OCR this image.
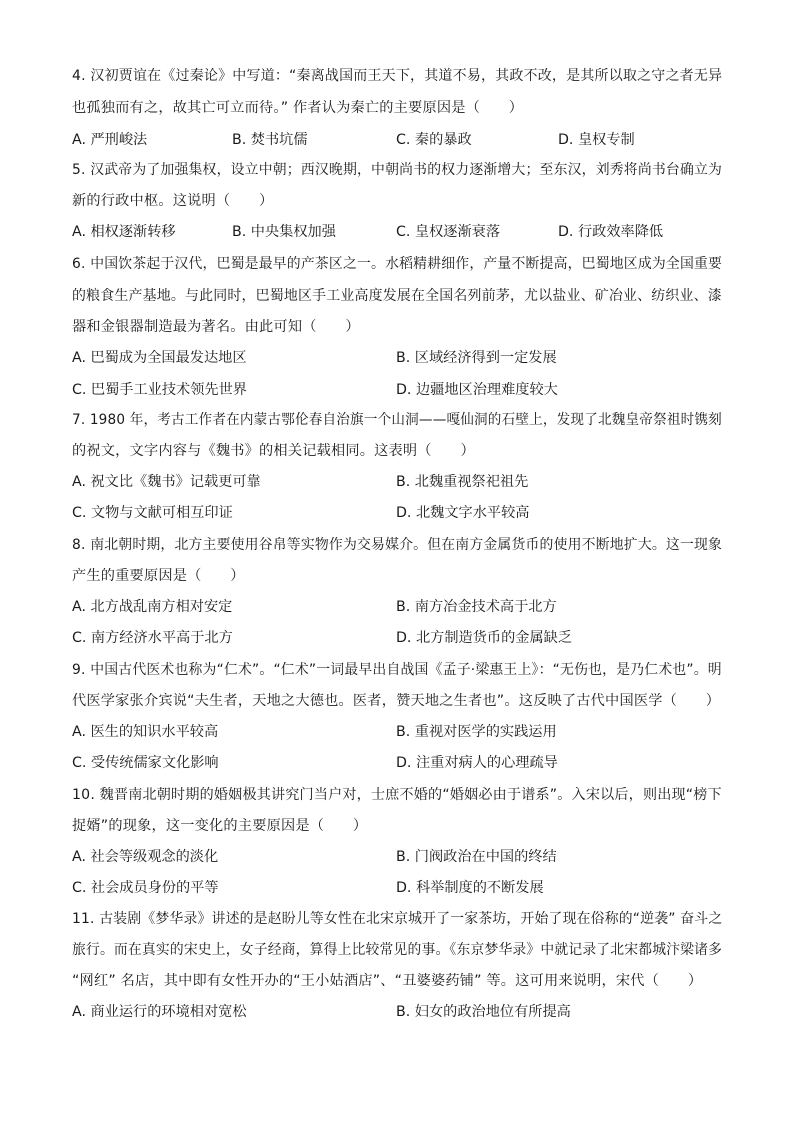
4. 汉初贾谊在《过秦论》中写道：“秦离战国而王天下，其道不易，其政不改，是其所以取之守之者无异
也孤独而有之，故其亡可立而待。” 作者认为秦亡的主要原因是（　　）
A. 严刑峻法	B. 焚书坑儒	C. 秦的暴政	D. 皇权专制
5. 汉武帝为了加强集权，设立中朝；西汉晚期，中朝尚书的权力逐渐增大；至东汉，刘秀将尚书台确立为
新的行政中枢。这说明（　　）
A. 相权逐渐转移	B. 中央集权加强	C. 皇权逐渐衰落	D. 行政效率降低
6. 中国饮茶起于汉代，巴蜀是最早的产茶区之一。水稻精耕细作，产量不断提高，巴蜀地区成为全国重要
的粮食生产基地。与此同时，巴蜀地区手工业高度发展在全国名列前茅，尤以盐业、矿冶业、纺织业、漆
器和金银器制造最为著名。由此可知（　　）
A. 巴蜀成为全国最发达地区	B. 区域经济得到一定发展
C. 巴蜀手工业技术领先世界	D. 边疆地区治理难度较大
7. 1980 年，考古工作者在内蒙古鄂伦春自治旗一个山洞——嘎仙洞的石壁上，发现了北魏皇帝祭祖时镌刻
的祝文，文字内容与《魏书》的相关记载相同。这表明（　　）
A. 祝文比《魏书》记载更可靠	B. 北魏重视祭祀祖先
C. 文物与文献可相互印证	D. 北魏文字水平较高
8. 南北朝时期，北方主要使用谷帛等实物作为交易媒介。但在南方金属货币的使用不断地扩大。这一现象
产生的重要原因是（　　）
A. 北方战乱南方相对安定	B. 南方冶金技术高于北方
C. 南方经济水平高于北方	D. 北方制造货币的金属缺乏
9. 中国古代医术也称为“仁术”。“仁术”一词最早出自战国《孟子·梁惠王上》：“无伤也，是乃仁术也”。明
代医学家张介宾说“夫生者，天地之大德也。医者，赞天地之生者也”。这反映了古代中国医学（　　）
A. 医生的知识水平较高	B. 重视对医学的实践运用
C. 受传统儒家文化影响	D. 注重对病人的心理疏导
10. 魏晋南北朝时期的婚姻极其讲究门当户对，士庶不婚的“婚姻必由于谱系”。入宋以后，则出现“榜下
捉婿”的现象，这一变化的主要原因是（　　）
A. 社会等级观念的淡化	B. 门阀政治在中国的终结
C. 社会成员身份的平等	D. 科举制度的不断发展
11. 古装剧《梦华录》讲述的是赵盼儿等女性在北宋京城开了一家茶坊，开始了现在俗称的“逆袭” 奋斗之
旅行。而在真实的宋史上，女子经商，算得上比较常见的事。《东京梦华录》中就记录了北宋都城汴梁诸多
“网红” 名店，其中即有女性开办的“王小姑酒店”、“丑婆婆药铺” 等。这可用来说明，宋代（　　）
A. 商业运行的环境相对宽松	B. 妇女的政治地位有所提高
